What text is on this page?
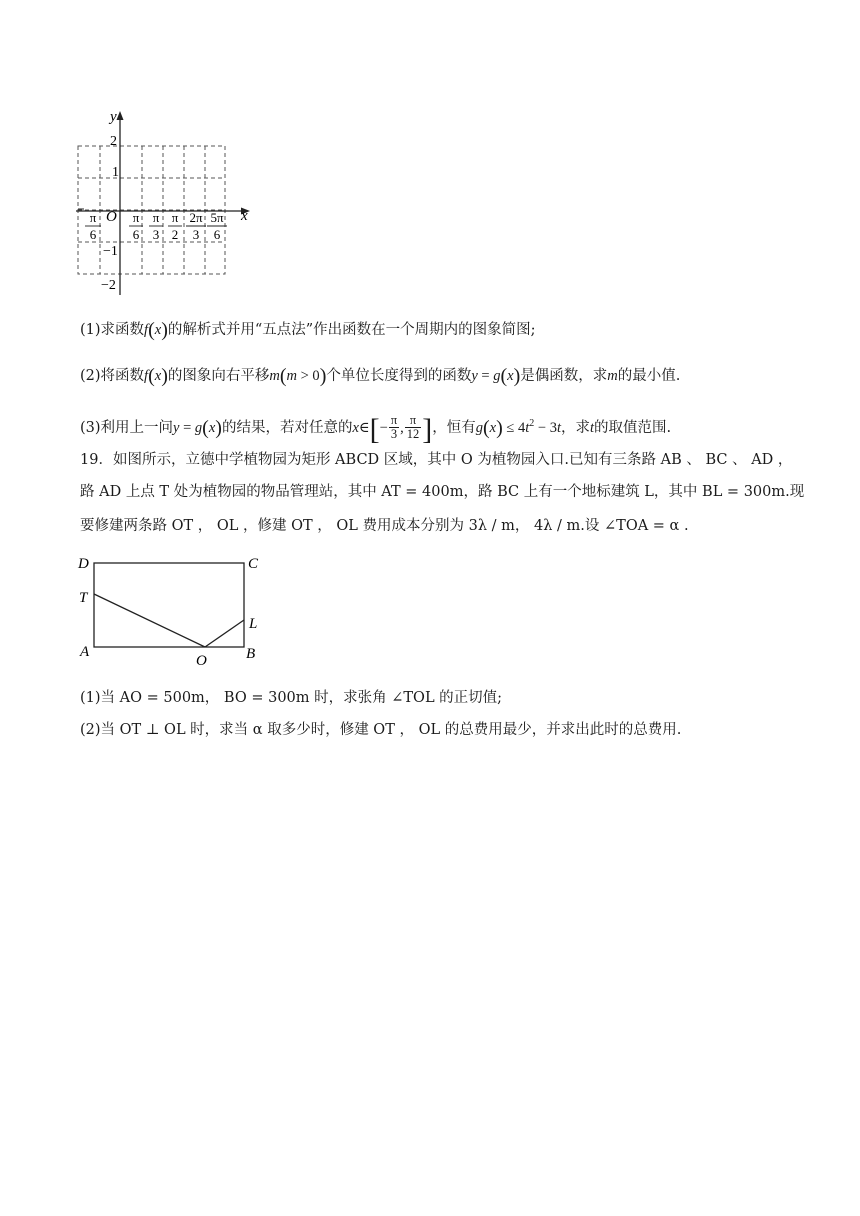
y
x
O
2
1
−1
−2
π
6
π
6
π
3
π
2
2π
3
5π
6
(1)求函数f(x)的解析式并用“五点法”作出函数在一个周期内的图象简图;
(2)将函数f(x)的图象向右平移m(m > 0)个单位长度得到的函数y = g(x)是偶函数，求m的最小值.
(3)利用上一问y = g(x)的结果，若对任意的x∈[− $\frac{\pi}{3}$ , $\frac{\pi}{12}$ ]，恒有$g(x) \le 4t^2 - 3t$，求t的取值范围.
19．如图所示，立德中学植物园为矩形 ABCD 区域，其中 O 为植物园入口.已知有三条路 AB 、 BC 、 AD ，
路 AD 上点 T 处为植物园的物品管理站，其中 AT = 400m，路 BC 上有一个地标建筑 L，其中 BL = 300m.现
要修建两条路 OT ， OL ，修建 OT ， OL 费用成本分别为 3λ / m， 4λ / m.设 ∠TOA = α .
D	C
T
L
A
O	B
(1)当 AO = 500m， BO = 300m 时，求张角 ∠TOL 的正切值;
(2)当 OT ⊥ OL 时，求当 α 取多少时，修建 OT ， OL 的总费用最少，并求出此时的总费用.
